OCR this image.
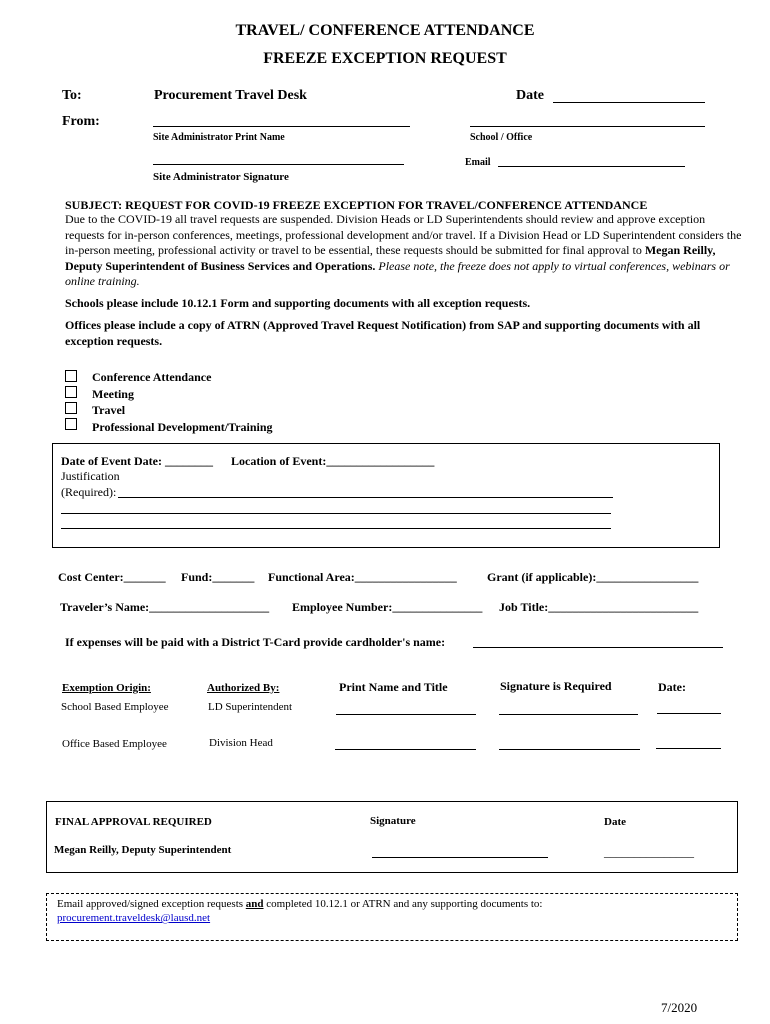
TRAVEL/ CONFERENCE ATTENDANCE
FREEZE EXCEPTION REQUEST
To:	Procurement Travel Desk	Date
From:
Site Administrator Print Name	School / Office
Email
Site Administrator Signature
SUBJECT: REQUEST FOR COVID-19 FREEZE EXCEPTION FOR TRAVEL/CONFERENCE ATTENDANCE
Due to the COVID-19 all travel requests are suspended. Division Heads or LD Superintendents should review and approve exception requests for in-person conferences, meetings, professional development and/or travel. If a Division Head or LD Superintendent considers the in-person meeting, professional activity or travel to be essential, these requests should be submitted for final approval to Megan Reilly, Deputy Superintendent of Business Services and Operations. Please note, the freeze does not apply to virtual conferences, webinars or online training.
Schools please include 10.12.1 Form and supporting documents with all exception requests.
Offices please include a copy of ATRN (Approved Travel Request Notification) from SAP and supporting documents with all exception requests.
Conference Attendance
Meeting
Travel
Professional Development/Training
Date of Event Date: ________ Location of Event:__________________
Justification
(Required):
Cost Center:_______ Fund:_______ Functional Area:_________________	Grant (if applicable):_________________
Traveler’s Name:____________________ Employee Number:_______________ Job Title:_________________________
If expenses will be paid with a District T-Card provide cardholder's name:
Exemption Origin:	Authorized By:	Print Name and Title	Signature is Required	Date:
School Based Employee	LD Superintendent
Office Based Employee	Division Head
FINAL APPROVAL REQUIRED	Signature	Date
Megan Reilly, Deputy Superintendent	_______________
Email approved/signed exception requests and completed 10.12.1 or ATRN and any supporting documents to:
procurement.traveldesk@lausd.net
7/2020
